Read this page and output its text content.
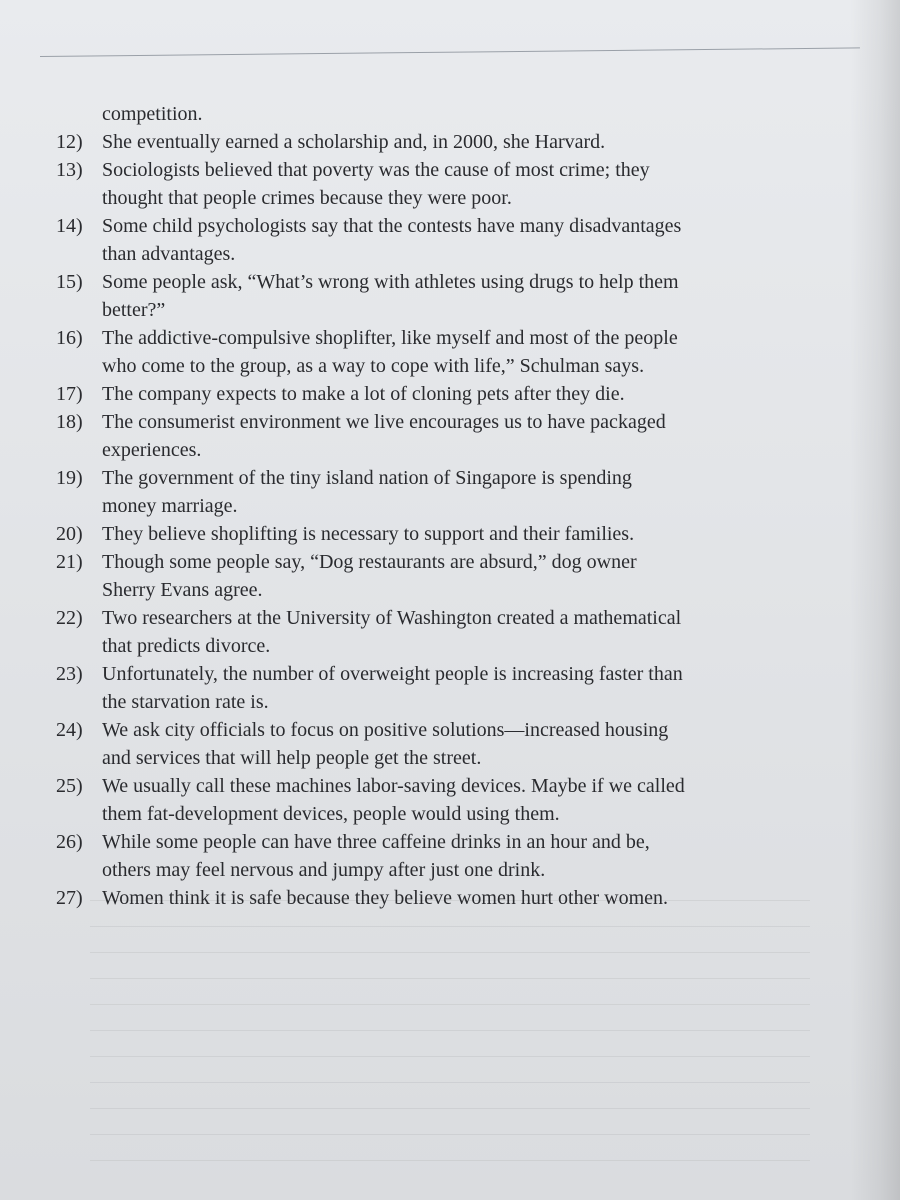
competition.
12) She eventually earned a scholarship and, in 2000, she Harvard.
13) Sociologists believed that poverty was the cause of most crime; they
thought that people crimes because they were poor.
14) Some child psychologists say that the contests have many disadvantages
than advantages.
15) Some people ask, “What’s wrong with athletes using drugs to help them
better?”
16) The addictive-compulsive shoplifter, like myself and most of the people
who come to the group, as a way to cope with life,” Schulman says.
17) The company expects to make a lot of cloning pets after they die.
18) The consumerist environment we live encourages us to have packaged
experiences.
19) The government of the tiny island nation of Singapore is spending
money marriage.
20) They believe shoplifting is necessary to support and their families.
21) Though some people say, “Dog restaurants are absurd,” dog owner
Sherry Evans agree.
22) Two researchers at the University of Washington created a mathematical
that predicts divorce.
23) Unfortunately, the number of overweight people is increasing faster than
the starvation rate is.
24) We ask city officials to focus on positive solutions—increased housing
and services that will help people get the street.
25) We usually call these machines labor-saving devices. Maybe if we called
them fat-development devices, people would using them.
26) While some people can have three caffeine drinks in an hour and be,
others may feel nervous and jumpy after just one drink.
27) Women think it is safe because they believe women hurt other women.
